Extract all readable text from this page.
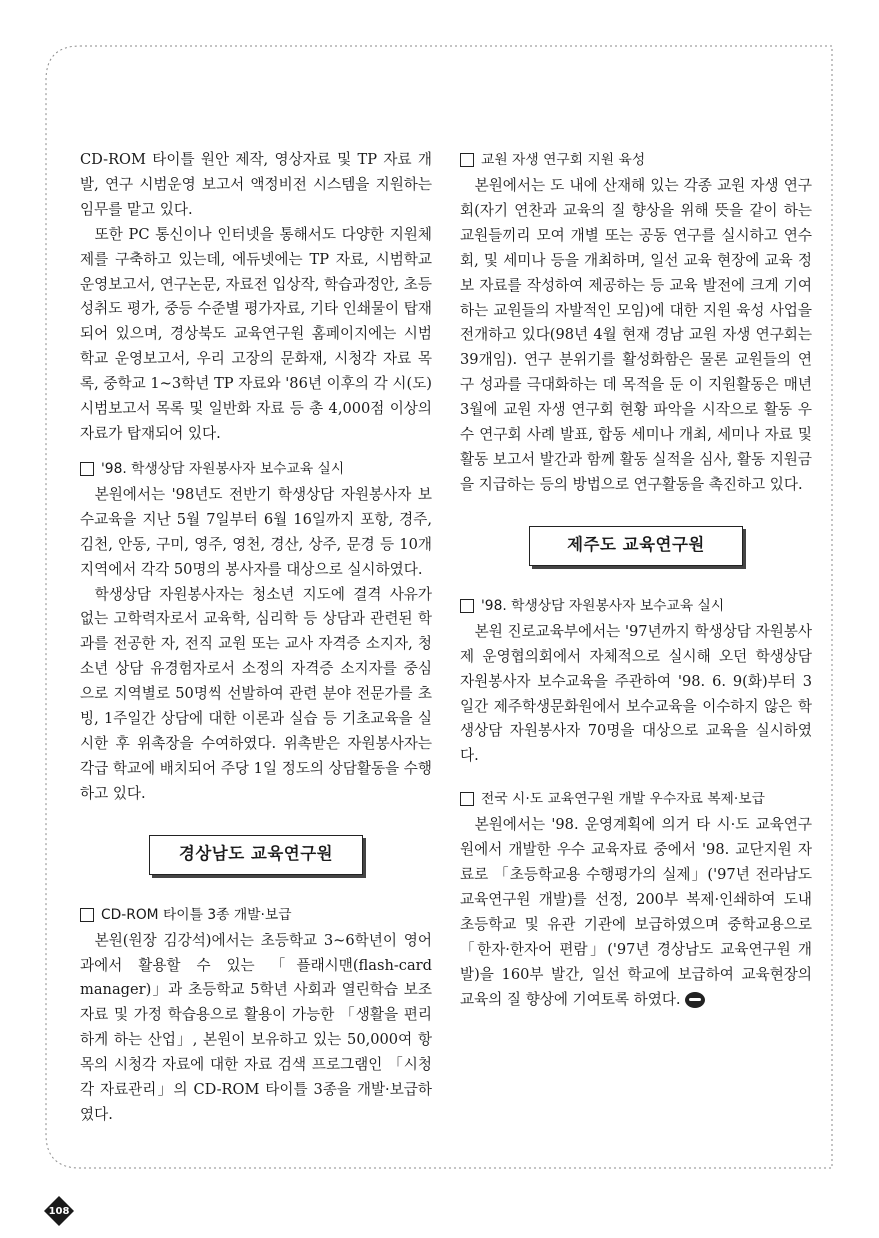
CD-ROM 타이틀 원안 제작, 영상자료 및 TP 자료 개발, 연구 시범운영 보고서 액정비전 시스템을 지원하는 임무를 맡고 있다.

또한 PC 통신이나 인터넷을 통해서도 다양한 지원체제를 구축하고 있는데, 에듀넷에는 TP 자료, 시범학교 운영보고서, 연구논문, 자료전 입상작, 학습과정안, 초등 성취도 평가, 중등 수준별 평가자료, 기타 인쇄물이 탑재되어 있으며, 경상북도 교육연구원 홈페이지에는 시범학교 운영보고서, 우리 고장의 문화재, 시청각 자료 목록, 중학교 1~3학년 TP 자료와 '86년 이후의 각 시(도) 시범보고서 목록 및 일반화 자료 등 총 4,000점 이상의 자료가 탑재되어 있다.

'98. 학생상담 자원봉사자 보수교육 실시

본원에서는 '98년도 전반기 학생상담 자원봉사자 보수교육을 지난 5월 7일부터 6월 16일까지 포항, 경주, 김천, 안동, 구미, 영주, 영천, 경산, 상주, 문경 등 10개 지역에서 각각 50명의 봉사자를 대상으로 실시하였다.

학생상담 자원봉사자는 청소년 지도에 결격 사유가 없는 고학력자로서 교육학, 심리학 등 상담과 관련된 학과를 전공한 자, 전직 교원 또는 교사 자격증 소지자, 청소년 상담 유경험자로서 소정의 자격증 소지자를 중심으로 지역별로 50명씩 선발하여 관련 분야 전문가를 초빙, 1주일간 상담에 대한 이론과 실습 등 기초교육을 실시한 후 위촉장을 수여하였다. 위촉받은 자원봉사자는 각급 학교에 배치되어 주당 1일 정도의 상담활동을 수행하고 있다.

경상남도 교육연구원
CD-ROM 타이틀 3종 개발·보급

본원(원장 김강석)에서는 초등학교 3~6학년이 영어과에서 활용할 수 있는 「플래시맨(flash-card manager)」과 초등학교 5학년 사회과 열린학습 보조자료 및 가정 학습용으로 활용이 가능한 「생활을 편리하게 하는 산업」, 본원이 보유하고 있는 50,000여 항목의 시청각 자료에 대한 자료 검색 프로그램인 「시청각 자료관리」의 CD-ROM 타이틀 3종을 개발·보급하였다.

교원 자생 연구회 지원 육성

본원에서는 도 내에 산재해 있는 각종 교원 자생 연구회(자기 연찬과 교육의 질 향상을 위해 뜻을 같이 하는 교원들끼리 모여 개별 또는 공동 연구를 실시하고 연수회, 및 세미나 등을 개최하며, 일선 교육 현장에 교육 정보 자료를 작성하여 제공하는 등 교육 발전에 크게 기여하는 교원들의 자발적인 모임)에 대한 지원 육성 사업을 전개하고 있다(98년 4월 현재 경남 교원 자생 연구회는 39개임). 연구 분위기를 활성화함은 물론 교원들의 연구 성과를 극대화하는 데 목적을 둔 이 지원활동은 매년 3월에 교원 자생 연구회 현황 파악을 시작으로 활동 우수 연구회 사례 발표, 합동 세미나 개최, 세미나 자료 및 활동 보고서 발간과 함께 활동 실적을 심사, 활동 지원금을 지급하는 등의 방법으로 연구활동을 촉진하고 있다.

제주도 교육연구원
'98. 학생상담 자원봉사자 보수교육 실시

본원 진로교육부에서는 '97년까지 학생상담 자원봉사제 운영협의회에서 자체적으로 실시해 오던 학생상담 자원봉사자 보수교육을 주관하여 '98. 6. 9(화)부터 3일간 제주학생문화원에서 보수교육을 이수하지 않은 학생상담 자원봉사자 70명을 대상으로 교육을 실시하였다.

전국 시·도 교육연구원 개발 우수자료 복제·보급

본원에서는 '98. 운영계획에 의거 타 시·도 교육연구원에서 개발한 우수 교육자료 중에서 '98. 교단지원 자료로 「초등학교용 수행평가의 실제」('97년 전라남도 교육연구원 개발)를 선정, 200부 복제·인쇄하여 도내 초등학교 및 유관 기관에 보급하였으며 중학교용으로 「한자·한자어 편람」('97년 경상남도 교육연구원 개발)을 160부 발간, 일선 학교에 보급하여 교육현장의 교육의 질 향상에 기여토록 하였다.

108
